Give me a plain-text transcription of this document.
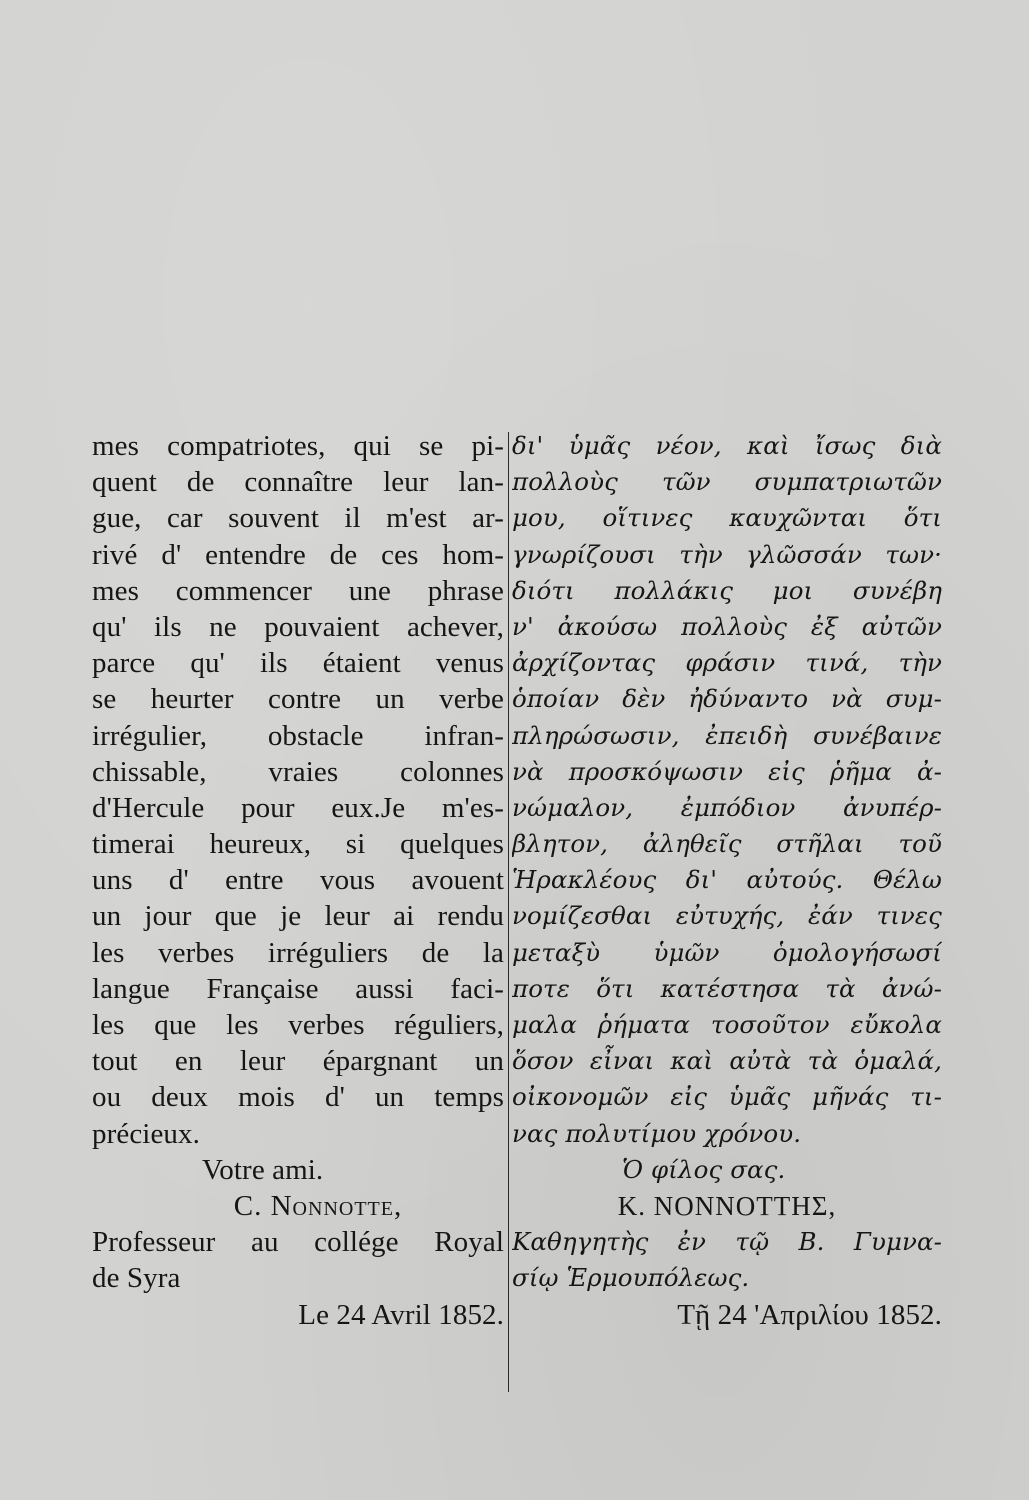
mes compatriotes, qui se pi-
quent de connaître leur lan-
gue, car souvent il m'est ar-
rivé d' entendre de ces hom-
mes commencer une phrase
qu' ils ne pouvaient achever,
parce qu' ils étaient venus
se heurter contre un verbe
irrégulier, obstacle infran-
chissable, vraies colonnes
d'Hercule pour eux.Je m'es-
timerai heureux, si quelques
uns d' entre vous avouent
un jour que je leur ai rendu
les verbes irréguliers de la
langue Française aussi faci-
les que les verbes réguliers,
tout en leur épargnant un
ou deux mois d' un temps
précieux.
Votre ami.
C. Nonnotte,
Professeur au collége Royal
de Syra
Le 24 Avril 1852.
δι' ὑμᾶς νέον, καὶ ἴσως διὰ
πολλοὺς τῶν συμπατριωτῶν
μου, οἵτινες καυχῶνται ὅτι
γνωρίζουσι τὴν γλῶσσάν των·
διότι πολλάκις μοι συνέβη
ν' ἀκούσω πολλοὺς ἐξ αὐτῶν
ἀρχίζοντας φράσιν τινά, τὴν
ὁποίαν δὲν ἠδύναντο νὰ συμ-
πληρώσωσιν, ἐπειδὴ συνέβαινε
νὰ προσκόψωσιν εἰς ῥῆμα ἀ-
νώμαλον, ἐμπόδιον ἀνυπέρ-
βλητον, ἀληθεῖς στῆλαι τοῦ
Ἡρακλέους δι' αὐτούς. Θέλω
νομίζεσθαι εὐτυχής, ἐάν τινες
μεταξὺ ὑμῶν ὁμολογήσωσί
ποτε ὅτι κατέστησα τὰ ἀνώ-
μαλα ῥήματα τοσοῦτον εὔκολα
ὅσον εἶναι καὶ αὐτὰ τὰ ὁμαλά,
οἰκονομῶν εἰς ὑμᾶς μῆνάς τι-
νας πολυτίμου χρόνου.
Ὁ φίλος σας.
Κ. ΝΟΝΝΟΤΤΗΣ,
Καθηγητὴς ἐν τῷ Β. Γυμνα-
σίῳ Ἑρμουπόλεως.
Τῇ 24 'Απριλίου 1852.
